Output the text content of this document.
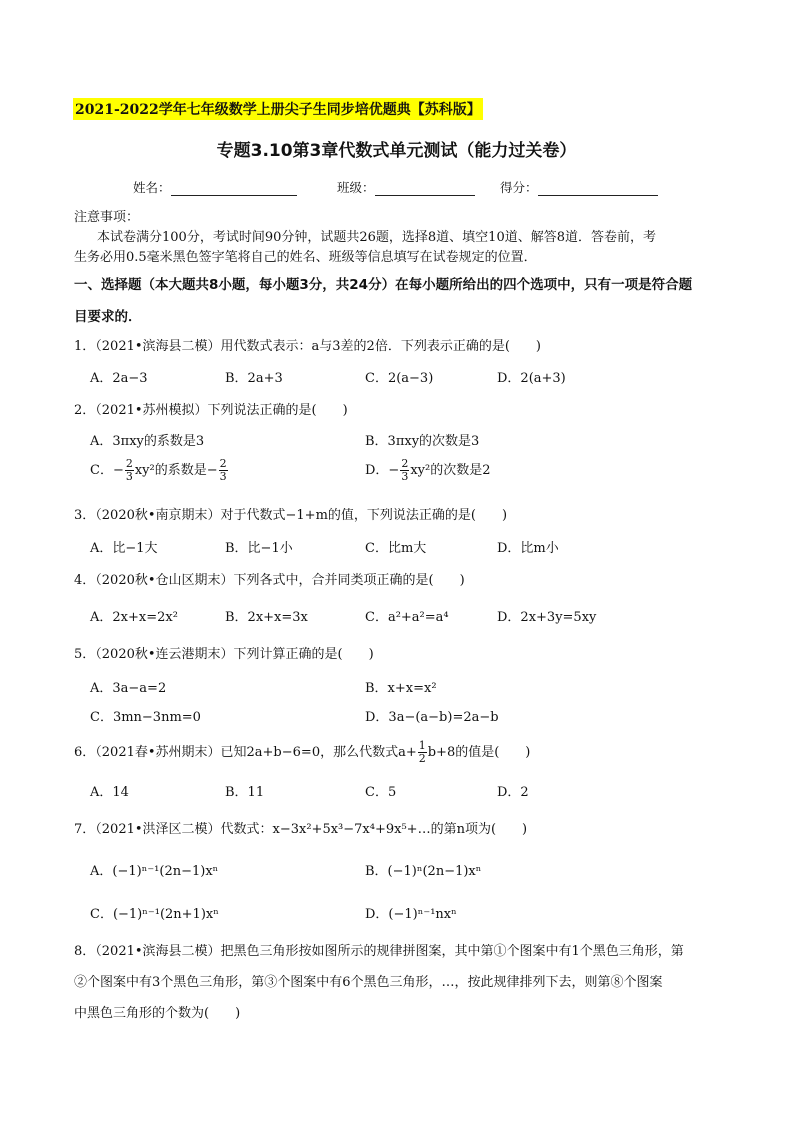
2021-2022学年七年级数学上册尖子生同步培优题典【苏科版】
专题3.10第3章代数式单元测试（能力过关卷）
姓名：	班级：	得分：
注意事项：
本试卷满分100分，考试时间90分钟，试题共26题，选择8道、填空10道、解答8道．答卷前，考
生务必用0.5毫米黑色签字笔将自己的姓名、班级等信息填写在试卷规定的位置．
一、选择题（本大题共8小题，每小题3分，共24分）在每小题所给出的四个选项中，只有一项是符合题
目要求的．
1．（2021•滨海县二模）用代数式表示：a与3差的2倍．下列表示正确的是(　　)
A．2a−3	B．2a+3	C．2(a−3)	D．2(a+3)
2．（2021•苏州模拟）下列说法正确的是(　　)
A．3πxy的系数是3	B．3πxy的次数是3
C．− $\frac{2}{3} xy^2$的系数是− $\frac{2}{3}$	D．− $\frac{2}{3} xy^2$的次数是2
3．（2020秋•南京期末）对于代数式−1+m的值，下列说法正确的是(　　)
A．比−1大	B．比−1小	C．比m大	D．比m小
4．（2020秋•仓山区期末）下列各式中，合并同类项正确的是(　　)
A．2x+x=2x²	B．2x+x=3x	C．a²+a²=a⁴	D．2x+3y=5xy
5．（2020秋•连云港期末）下列计算正确的是(　　)
A．3a−a=2	B．x+x=x²
C．3mn−3nm=0	D．3a−(a−b)=2a−b
6．（2021春•苏州期末）已知2a+b−6=0，那么代数式$a+ \frac{1}{2} b+8$的值是(　　)
A．14	B．11	C．5	D．2
7．（2021•洪泽区二模）代数式：x−3x²+5x³−7x⁴+9x⁵+…的第n项为(　　)
A．(−1)ⁿ⁻¹(2n−1)xⁿ	B．(−1)ⁿ(2n−1)xⁿ
C．(−1)ⁿ⁻¹(2n+1)xⁿ	D．(−1)ⁿ⁻¹nxⁿ
8．（2021•滨海县二模）把黑色三角形按如图所示的规律拼图案，其中第①个图案中有1个黑色三角形，第
②个图案中有3个黑色三角形，第③个图案中有6个黑色三角形，…，按此规律排列下去，则第⑧个图案
中黑色三角形的个数为(　　)
